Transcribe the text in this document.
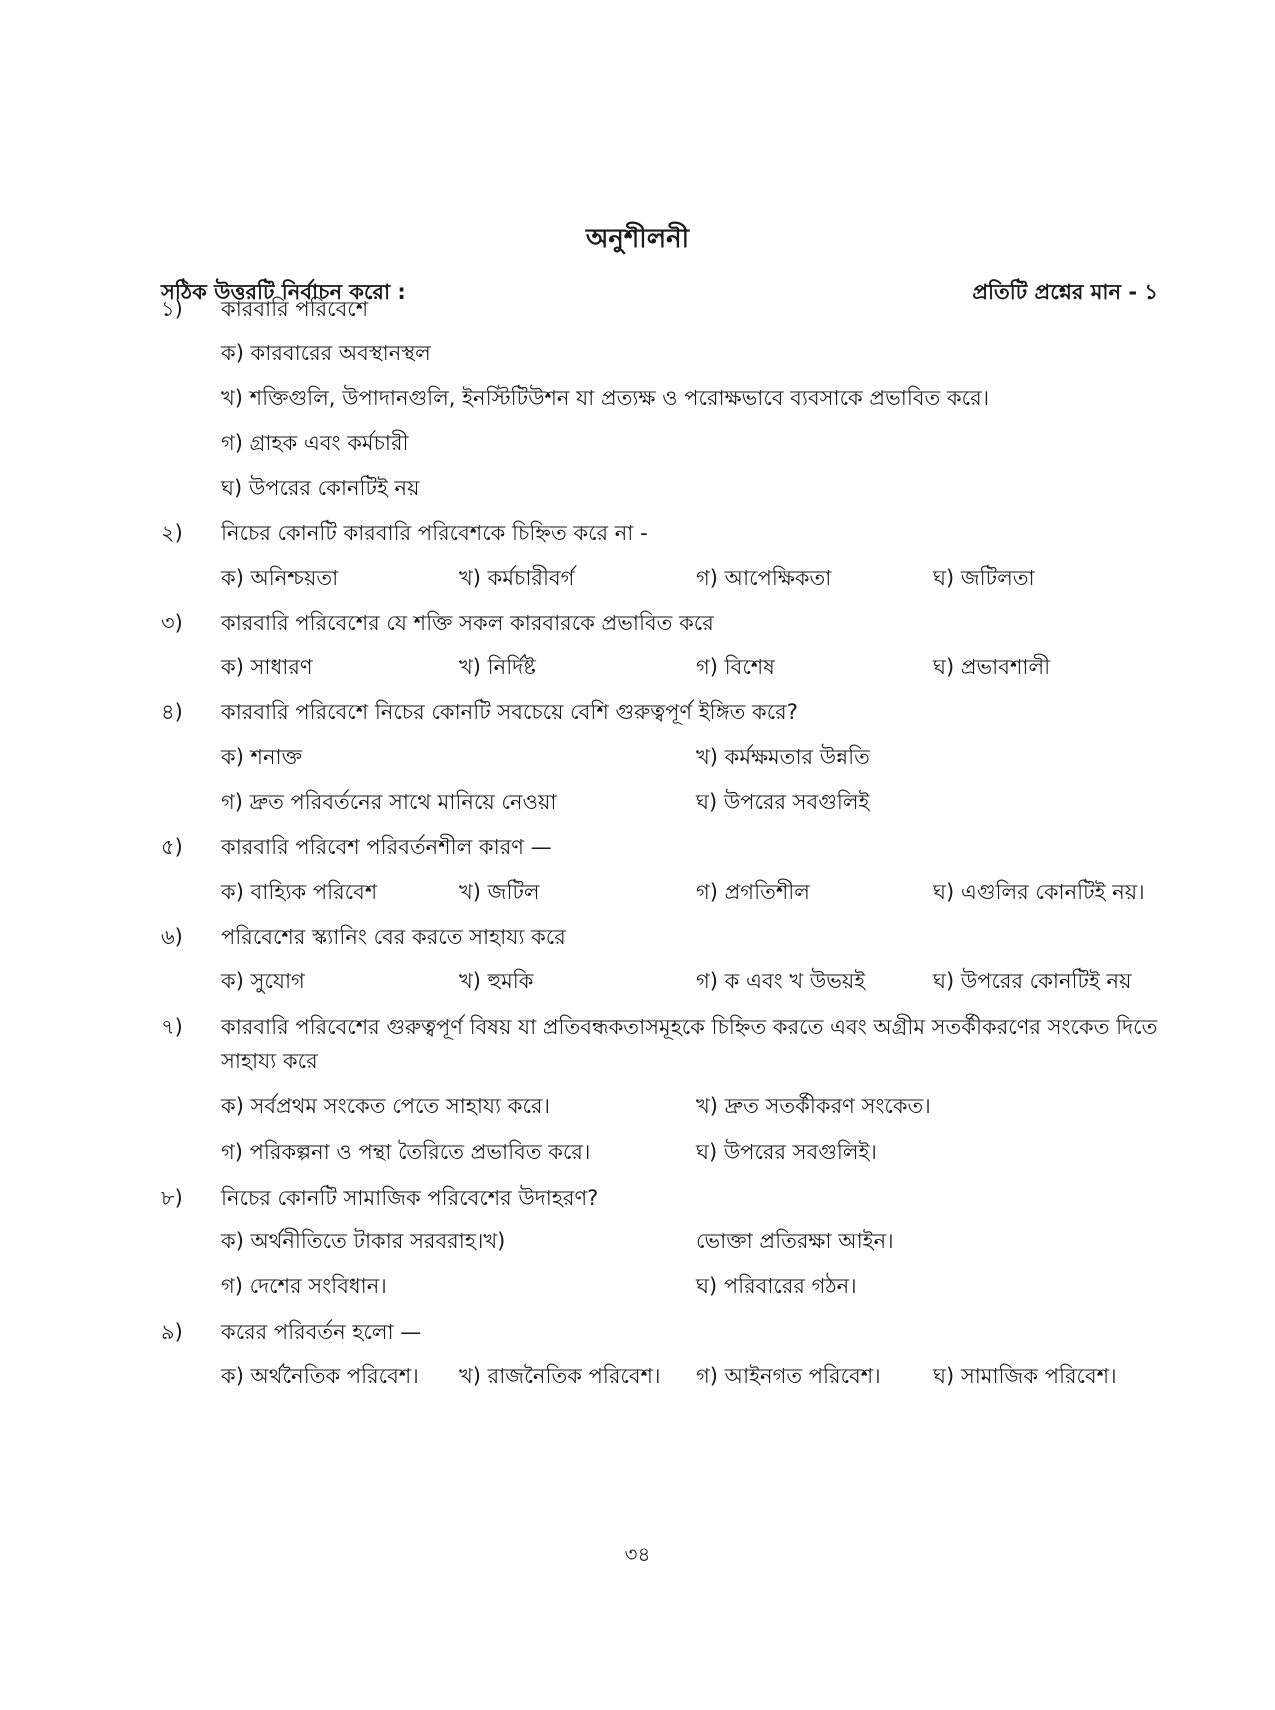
অনুশীলনী
সঠিক উত্তরটি নির্বাচন করো :	প্রতিটি প্রশ্নের মান - ১
১)	কারবারি পরিবেশে
ক) কারবারের অবস্থানস্থল
খ) শক্তিগুলি, উপাদানগুলি, ইনস্টিটিউশন যা প্রত্যক্ষ ও পরোক্ষভাবে ব্যবসাকে প্রভাবিত করে।
গ) গ্রাহক এবং কর্মচারী
ঘ) উপরের কোনটিই নয়
২)	নিচের কোনটি কারবারি পরিবেশকে চিহ্নিত করে না -
ক) অনিশ্চয়তা	খ) কর্মচারীবর্গ	গ) আপেক্ষিকতা	ঘ) জটিলতা
৩)	কারবারি পরিবেশের যে শক্তি সকল কারবারকে প্রভাবিত করে
ক) সাধারণ	খ) নির্দিষ্ট	গ) বিশেষ	ঘ) প্রভাবশালী
৪)	কারবারি পরিবেশে নিচের কোনটি সবচেয়ে বেশি গুরুত্বপূর্ণ ইঙ্গিত করে?
ক) শনাক্ত	খ) কর্মক্ষমতার উন্নতি
গ) দ্রুত পরিবর্তনের সাথে মানিয়ে নেওয়া	ঘ) উপরের সবগুলিই
৫)	কারবারি পরিবেশ পরিবর্তনশীল কারণ —
ক) বাহ্যিক পরিবেশ	খ) জটিল	গ) প্রগতিশীল	ঘ) এগুলির কোনটিই নয়।
৬)	পরিবেশের স্ক্যানিং বের করতে সাহায্য করে
ক) সুযোগ	খ) হুমকি	গ) ক এবং খ উভয়ই	ঘ) উপরের কোনটিই নয়
৭)	কারবারি পরিবেশের গুরুত্বপূর্ণ বিষয় যা প্রতিবন্ধকতাসমূহকে চিহ্নিত করতে এবং অগ্রীম সতর্কীকরণের সংকেত দিতে সাহায্য করে
ক) সর্বপ্রথম সংকেত পেতে সাহায্য করে।	খ) দ্রুত সতর্কীকরণ সংকেত।
গ) পরিকল্পনা ও পন্থা তৈরিতে প্রভাবিত করে।	ঘ) উপরের সবগুলিই।
৮)	নিচের কোনটি সামাজিক পরিবেশের উদাহরণ?
ক) অর্থনীতিতে টাকার সরবরাহ।খ)	ভোক্তা প্রতিরক্ষা আইন।
গ) দেশের সংবিধান।	ঘ) পরিবারের গঠন।
৯)	করের পরিবর্তন হলো —
ক) অর্থনৈতিক পরিবেশ। খ) রাজনৈতিক পরিবেশ। গ) আইনগত পরিবেশ। ঘ) সামাজিক পরিবেশ।
৩৪
